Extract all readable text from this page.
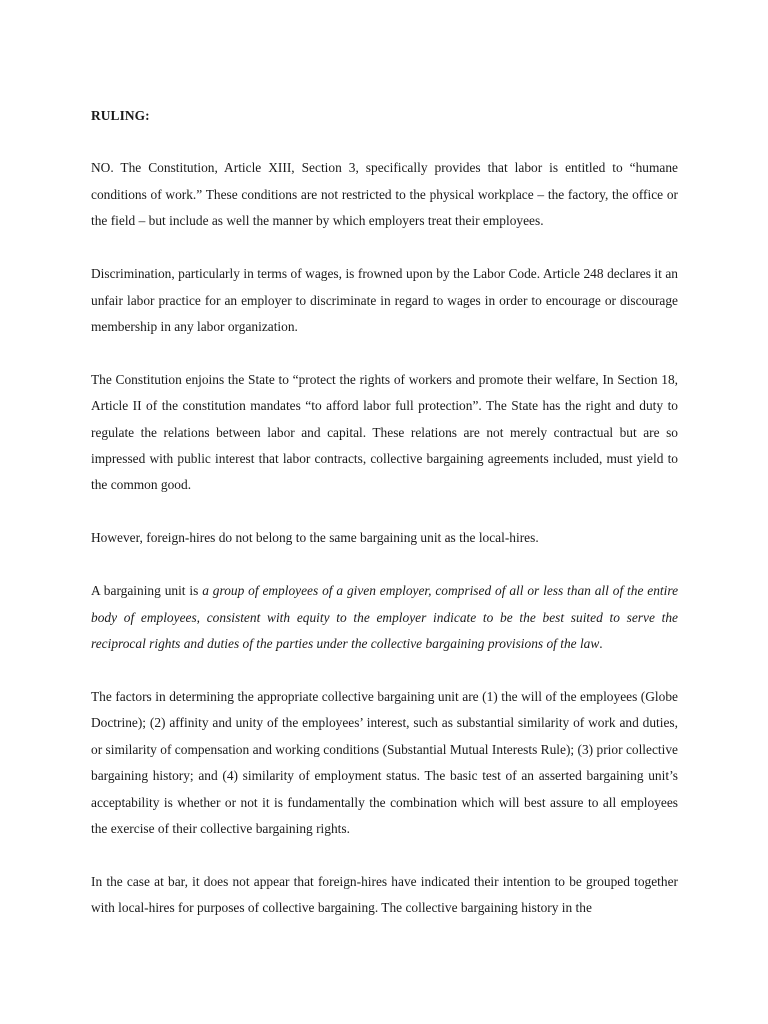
RULING:

NO. The Constitution, Article XIII, Section 3, specifically provides that labor is entitled to “humane conditions of work.” These conditions are not restricted to the physical workplace – the factory, the office or the field – but include as well the manner by which employers treat their employees.

Discrimination, particularly in terms of wages, is frowned upon by the Labor Code. Article 248 declares it an unfair labor practice for an employer to discriminate in regard to wages in order to encourage or discourage membership in any labor organization.

The Constitution enjoins the State to “protect the rights of workers and promote their welfare, In Section 18, Article II of the constitution mandates “to afford labor full protection”. The State has the right and duty to regulate the relations between labor and capital. These relations are not merely contractual but are so impressed with public interest that labor contracts, collective bargaining agreements included, must yield to the common good.

However, foreign-hires do not belong to the same bargaining unit as the local-hires.

A bargaining unit is a group of employees of a given employer, comprised of all or less than all of the entire body of employees, consistent with equity to the employer indicate to be the best suited to serve the reciprocal rights and duties of the parties under the collective bargaining provisions of the law.

The factors in determining the appropriate collective bargaining unit are (1) the will of the employees (Globe Doctrine); (2) affinity and unity of the employees’ interest, such as substantial similarity of work and duties, or similarity of compensation and working conditions (Substantial Mutual Interests Rule); (3) prior collective bargaining history; and (4) similarity of employment status. The basic test of an asserted bargaining unit’s acceptability is whether or not it is fundamentally the combination which will best assure to all employees the exercise of their collective bargaining rights.

In the case at bar, it does not appear that foreign-hires have indicated their intention to be grouped together with local-hires for purposes of collective bargaining. The collective bargaining history in the
